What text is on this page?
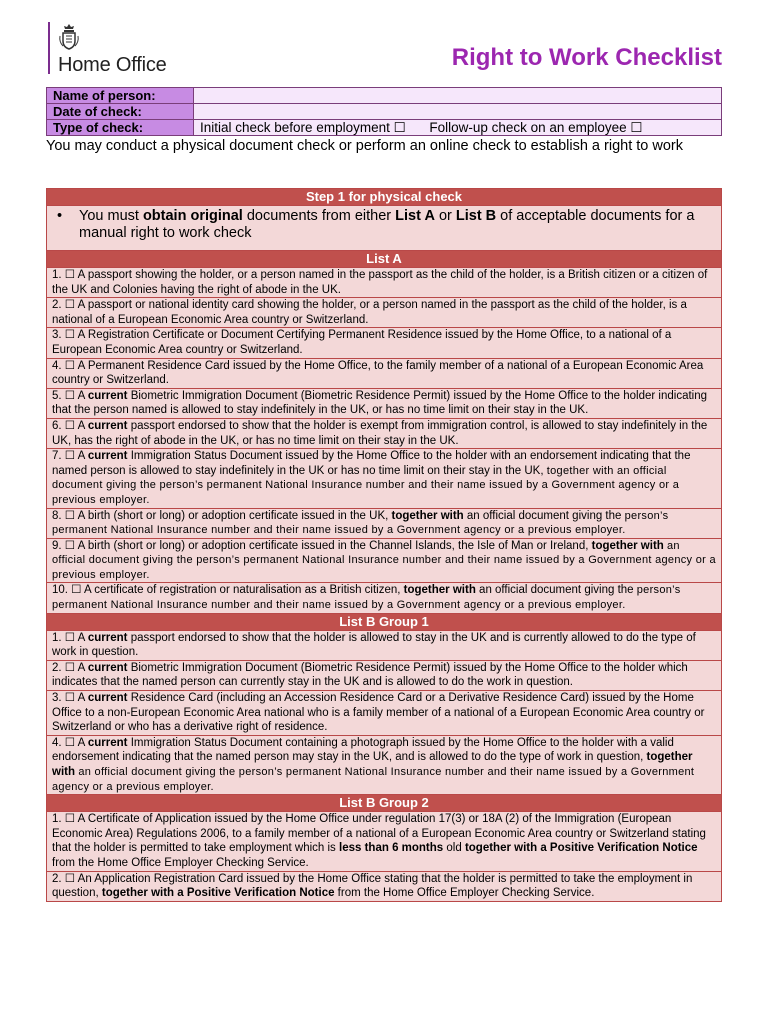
Home Office	Right to Work Checklist
Name of person:	
Date of check:	
Type of check:	Initial check before employment ☐ Follow-up check on an employee ☐
You may conduct a physical document check or perform an online check to establish a right to work
Step 1 for physical check

•	You must obtain original documents from either List A or List B of acceptable documents for a manual right to work check

List A
1. ☐ A passport showing the holder, or a person named in the passport as the child of the holder, is a British citizen or a citizen of the UK and Colonies having the right of abode in the UK.
2. ☐ A passport or national identity card showing the holder, or a person named in the passport as the child of the holder, is a national of a European Economic Area country or Switzerland.
3. ☐ A Registration Certificate or Document Certifying Permanent Residence issued by the Home Office, to a national of a European Economic Area country or Switzerland.
4. ☐ A Permanent Residence Card issued by the Home Office, to the family member of a national of a European Economic Area country or Switzerland.
5. ☐ A current Biometric Immigration Document (Biometric Residence Permit) issued by the Home Office to the holder indicating that the person named is allowed to stay indefinitely in the UK, or has no time limit on their stay in the UK.
6. ☐ A current passport endorsed to show that the holder is exempt from immigration control, is allowed to stay indefinitely in the UK, has the right of abode in the UK, or has no time limit on their stay in the UK.
7. ☐ A current Immigration Status Document issued by the Home Office to the holder with an endorsement indicating that the named person is allowed to stay indefinitely in the UK or has no time limit on their stay in the UK, together with an official document giving the person’s permanent National Insurance number and their name issued by a Government agency or a previous employer.
8. ☐ A birth (short or long) or adoption certificate issued in the UK, together with an official document giving the person’s permanent National Insurance number and their name issued by a Government agency or a previous employer.
9. ☐ A birth (short or long) or adoption certificate issued in the Channel Islands, the Isle of Man or Ireland, together with an official document giving the person’s permanent National Insurance number and their name issued by a Government agency or a previous employer.
10. ☐ A certificate of registration or naturalisation as a British citizen, together with an official document giving the person’s permanent National Insurance number and their name issued by a Government agency or a previous employer.
List B Group 1
1. ☐ A current passport endorsed to show that the holder is allowed to stay in the UK and is currently allowed to do the type of work in question.
2. ☐ A current Biometric Immigration Document (Biometric Residence Permit) issued by the Home Office to the holder which indicates that the named person can currently stay in the UK and is allowed to do the work in question.
3. ☐ A current Residence Card (including an Accession Residence Card or a Derivative Residence Card) issued by the Home Office to a non-European Economic Area national who is a family member of a national of a European Economic Area country or Switzerland or who has a derivative right of residence.
4. ☐ A current Immigration Status Document containing a photograph issued by the Home Office to the holder with a valid endorsement indicating that the named person may stay in the UK, and is allowed to do the type of work in question, together with an official document giving the person’s permanent National Insurance number and their name issued by a Government agency or a previous employer.
List B Group 2
1. ☐ A Certificate of Application issued by the Home Office under regulation 17(3) or 18A (2) of the Immigration (European Economic Area) Regulations 2006, to a family member of a national of a European Economic Area country or Switzerland stating that the holder is permitted to take employment which is less than 6 months old together with a Positive Verification Notice from the Home Office Employer Checking Service.
2. ☐ An Application Registration Card issued by the Home Office stating that the holder is permitted to take the employment in question, together with a Positive Verification Notice from the Home Office Employer Checking Service.
